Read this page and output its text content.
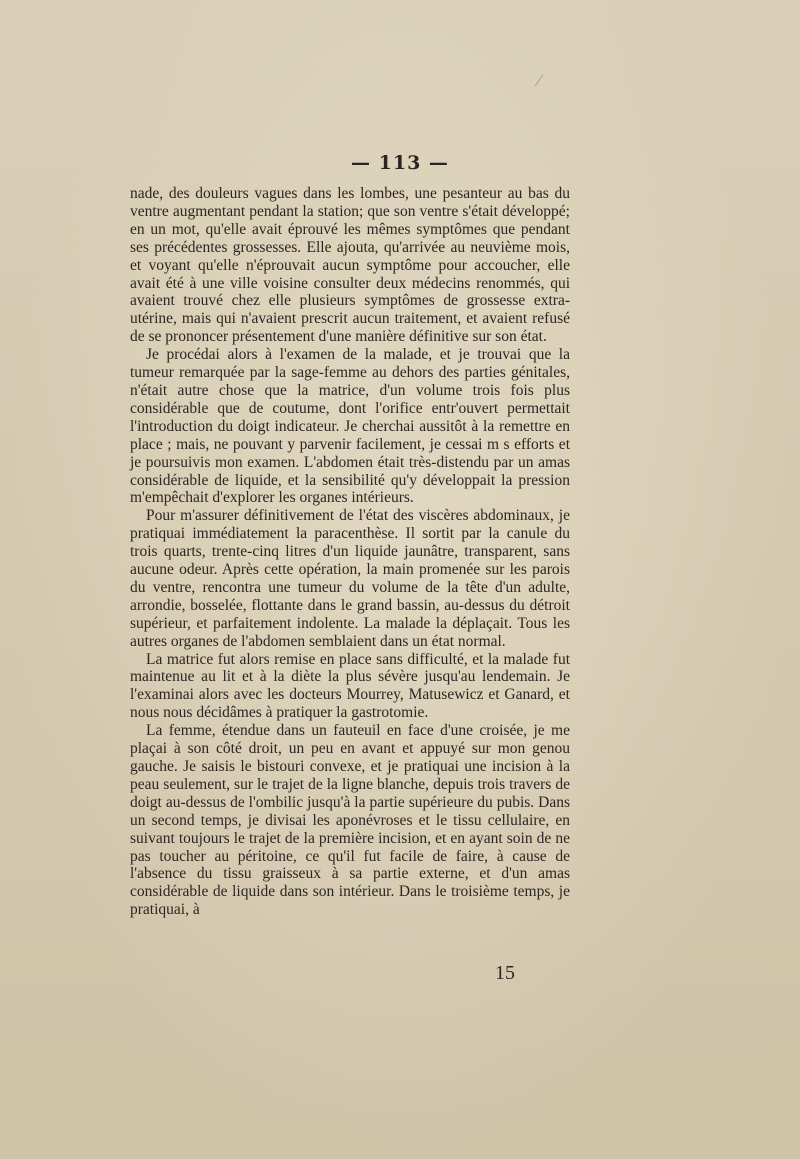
— 113 —

nade, des douleurs vagues dans les lombes, une pesanteur au bas du ventre augmentant pendant la station; que son ventre s'était développé; en un mot, qu'elle avait éprouvé les mêmes symptômes que pendant ses précédentes grossesses. Elle ajouta, qu'arrivée au neuvième mois, et voyant qu'elle n'éprouvait aucun symptôme pour accoucher, elle avait été à une ville voisine consulter deux médecins renommés, qui avaient trouvé chez elle plusieurs symptômes de grossesse extra-utérine, mais qui n'avaient prescrit aucun traitement, et avaient refusé de se prononcer présentement d'une manière définitive sur son état.

Je procédai alors à l'examen de la malade, et je trouvai que la tumeur remarquée par la sage-femme au dehors des parties génitales, n'était autre chose que la matrice, d'un volume trois fois plus considérable que de coutume, dont l'orifice entr'ouvert permettait l'introduction du doigt indicateur. Je cherchai aussitôt à la remettre en place ; mais, ne pouvant y parvenir facilement, je cessai m s efforts et je poursuivis mon examen. L'abdomen était très-distendu par un amas considérable de liquide, et la sensibilité qu'y développait la pression m'empêchait d'explorer les organes intérieurs.

Pour m'assurer définitivement de l'état des viscères abdominaux, je pratiquai immédiatement la paracenthèse. Il sortit par la canule du trois quarts, trente-cinq litres d'un liquide jaunâtre, transparent, sans aucune odeur. Après cette opération, la main promenée sur les parois du ventre, rencontra une tumeur du volume de la tête d'un adulte, arrondie, bosselée, flottante dans le grand bassin, au-dessus du détroit supérieur, et parfaitement indolente. La malade la déplaçait. Tous les autres organes de l'abdomen semblaient dans un état normal.

La matrice fut alors remise en place sans difficulté, et la malade fut maintenue au lit et à la diète la plus sévère jusqu'au lendemain. Je l'examinai alors avec les docteurs Mourrey, Matusewicz et Ganard, et nous nous décidâmes à pratiquer la gastrotomie.

La femme, étendue dans un fauteuil en face d'une croisée, je me plaçai à son côté droit, un peu en avant et appuyé sur mon genou gauche. Je saisis le bistouri convexe, et je pratiquai une incision à la peau seulement, sur le trajet de la ligne blanche, depuis trois travers de doigt au-dessus de l'ombilic jusqu'à la partie supérieure du pubis. Dans un second temps, je divisai les aponévroses et le tissu cellulaire, en suivant toujours le trajet de la première incision, et en ayant soin de ne pas toucher au péritoine, ce qu'il fut facile de faire, à cause de l'absence du tissu graisseux à sa partie externe, et d'un amas considérable de liquide dans son intérieur. Dans le troisième temps, je pratiquai, à

15
